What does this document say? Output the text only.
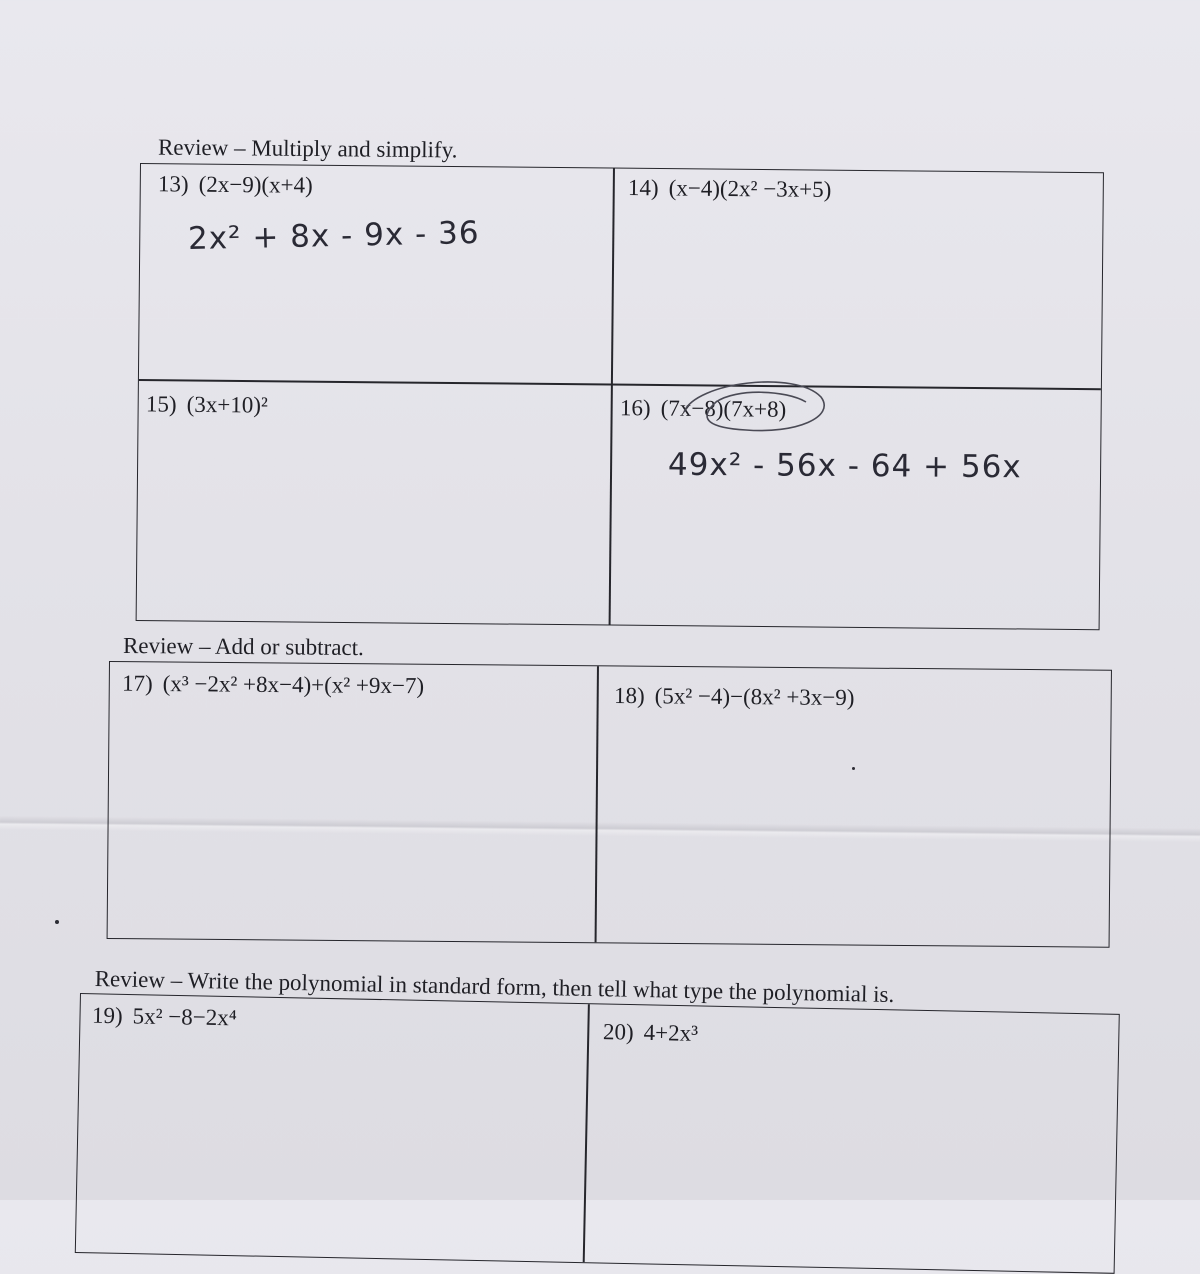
Review – Multiply and simplify.
13) (2x−9)(x+4)
2x² + 8x - 9x - 36
14) (x−4)(2x² −3x+5)
15) (3x+10)²	16) (7x−8)(7x+8)
49x² - 56x - 64 + 56x
Review – Add or subtract.
17) (x³ −2x² +8x−4)+(x² +9x−7)	18) (5x² −4)−(8x² +3x−9)
Review – Write the polynomial in standard form, then tell what type the polynomial is.
19) 5x² −8−2x⁴
20) 4+2x³
